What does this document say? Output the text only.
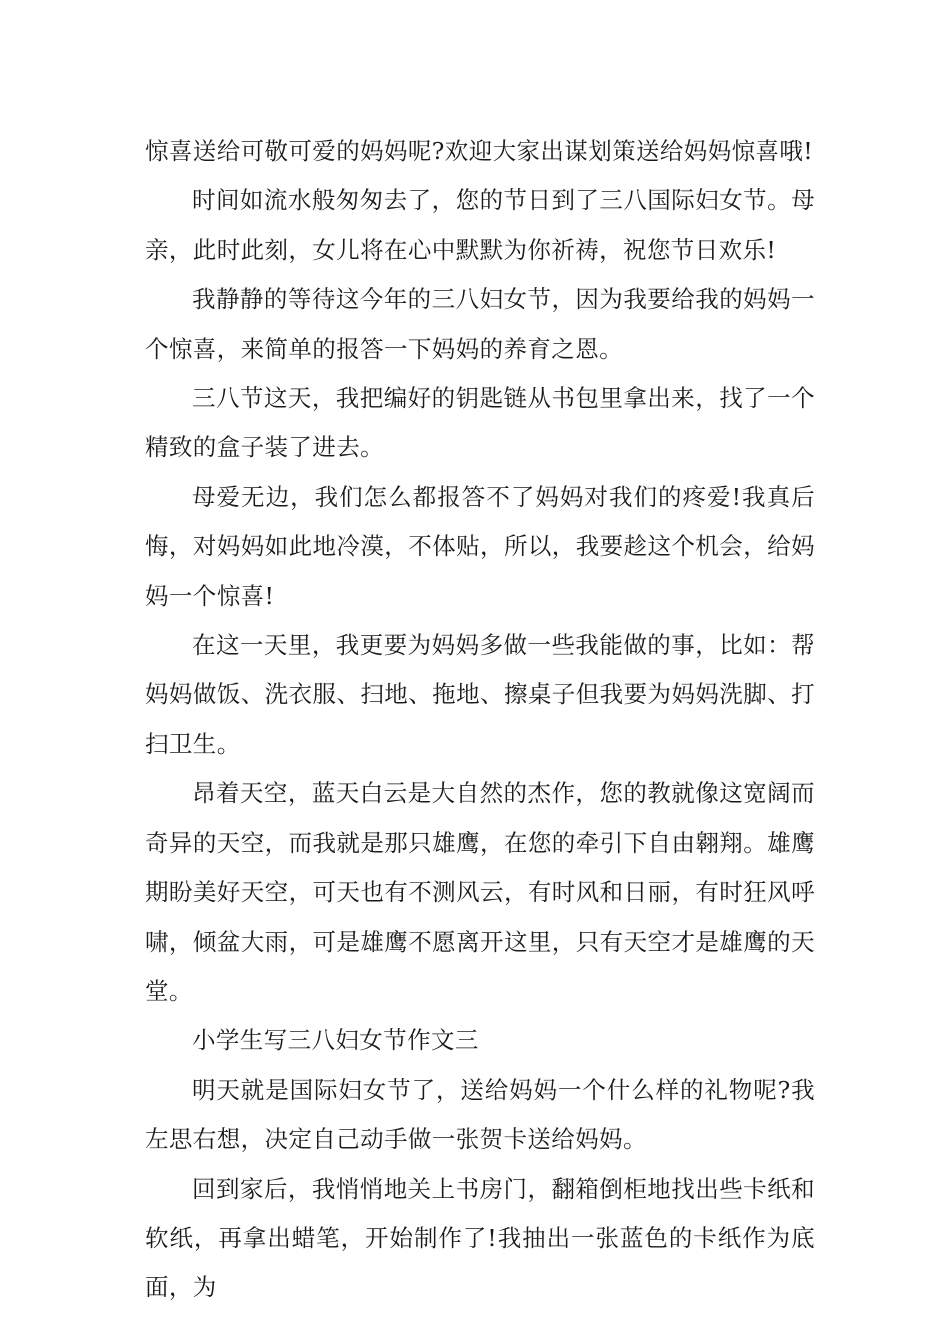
惊喜送给可敬可爱的妈妈呢?欢迎大家出谋划策送给妈妈惊喜哦!

时间如流水般匆匆去了，您的节日到了三八国际妇女节。母亲，此时此刻，女儿将在心中默默为你祈祷，祝您节日欢乐!

我静静的等待这今年的三八妇女节，因为我要给我的妈妈一个惊喜，来简单的报答一下妈妈的养育之恩。

三八节这天，我把编好的钥匙链从书包里拿出来，找了一个精致的盒子装了进去。

母爱无边，我们怎么都报答不了妈妈对我们的疼爱!我真后悔，对妈妈如此地冷漠，不体贴，所以，我要趁这个机会，给妈妈一个惊喜!

在这一天里，我更要为妈妈多做一些我能做的事，比如：帮妈妈做饭、洗衣服、扫地、拖地、擦桌子但我要为妈妈洗脚、打扫卫生。

昂着天空，蓝天白云是大自然的杰作，您的教就像这宽阔而奇异的天空，而我就是那只雄鹰，在您的牵引下自由翱翔。雄鹰期盼美好天空，可天也有不测风云，有时风和日丽，有时狂风呼啸，倾盆大雨，可是雄鹰不愿离开这里，只有天空才是雄鹰的天堂。

小学生写三八妇女节作文三

明天就是国际妇女节了，送给妈妈一个什么样的礼物呢?我左思右想，决定自己动手做一张贺卡送给妈妈。

回到家后，我悄悄地关上书房门，翻箱倒柜地找出些卡纸和软纸，再拿出蜡笔，开始制作了!我抽出一张蓝色的卡纸作为底面，为
